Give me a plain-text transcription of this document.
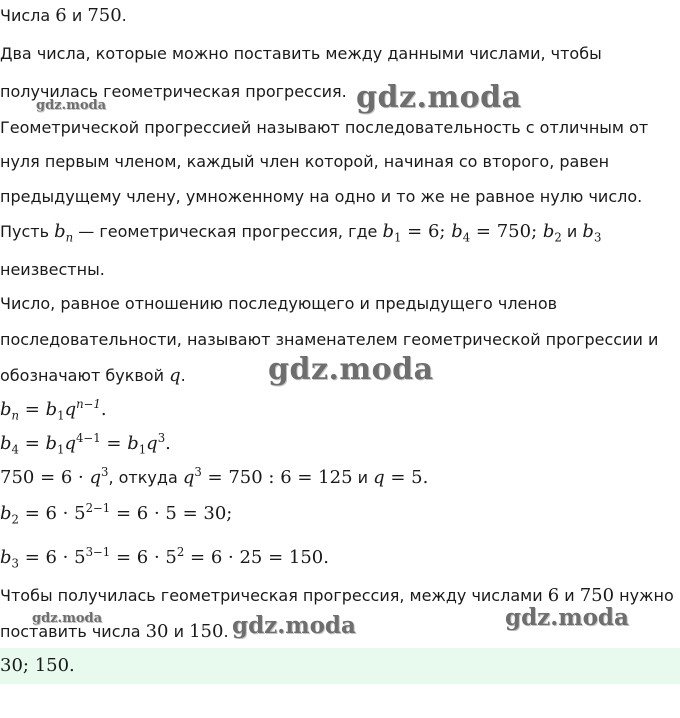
Числа 6 и 750.
Два числа, которые можно поставить между данными числами, чтобы
получилась геометрическая прогрессия.
Геометрической прогрессией называют последовательность с отличным от
нуля первым членом, каждый член которой, начиная со второго, равен
предыдущему члену, умноженному на одно и то же не равное нулю число.
Пусть $b_n$ — геометрическая прогрессия, где $b_1 = 6$; $b_4 = 750$; $b_2$ и $b_3$
неизвестны.
Число, равное отношению последующего и предыдущего членов
последовательности, называют знаменателем геометрической прогрессии и
обозначают буквой q.
$b_n = b_1q^{n-1}$.
$b_4 = b_1q^{4-1} = b_1q^3$.
$750 = 6 \cdot q^3$, откуда $q^3 = 750$ : 6 = 125 и q = 5.
$b_2 = 6 \cdot 5^{2-1} = 6 \cdot 5 = 30$;
$b_3 = 6 \cdot 5^{3-1} = 6 \cdot 5^2 = 6 \cdot 25 = 150$.
Чтобы получилась геометрическая прогрессия, между числами 6 и 750 нужно
поставить числа 30 и 150.
30; 150.
gdz.moda	gdz.moda
gdz.moda
gdz.moda	gdz.moda	gdz.moda
